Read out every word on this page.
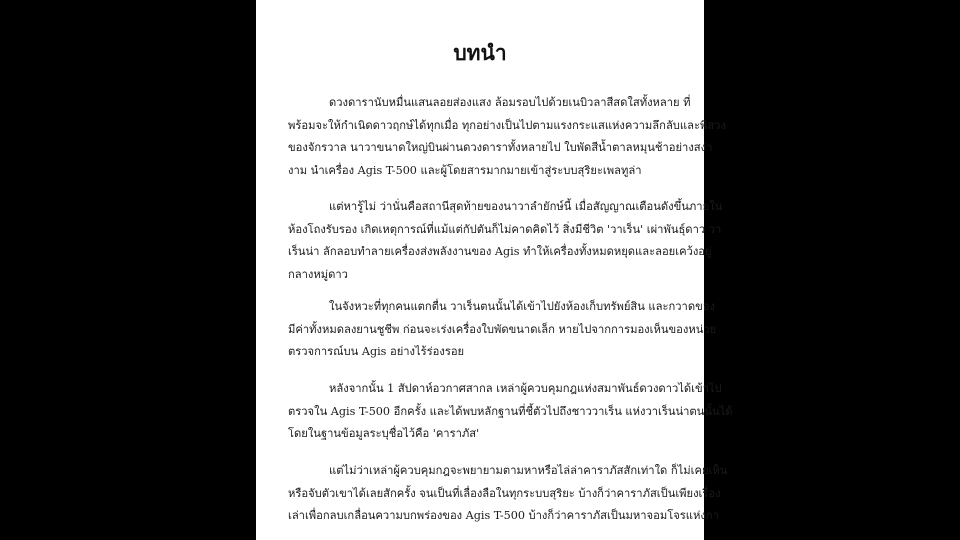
บทนำ

ดวงดารานับหมื่นแสนลอยส่องแสง ล้อมรอบไปด้วยเนบิวลาสีสดใสทั้งหลาย ที่
พร้อมจะให้กำเนิดดาวฤกษ์ได้ทุกเมื่อ ทุกอย่างเป็นไปตามแรงกระแสแห่งความลึกลับและพิสวง
ของจักรวาล นาวาขนาดใหญ่บินผ่านดวงดาราทั้งหลายไป ใบพัดสีน้ำตาลหมุนช้าอย่างสง่า
งาม นำเครื่อง Agis T-500 และผู้โดยสารมากมายเข้าสู่ระบบสุริยะเพลทูล่า

แต่หารู้ไม่ ว่านั่นคือสถานีสุดท้ายของนาวาลำยักษ์นี้ เมื่อสัญญาณเตือนดังขึ้นภายใน
ห้องโถงรับรอง เกิดเหตุการณ์ที่แม้แต่กัปตันก็ไม่คาดคิดไว้ สิ่งมีชีวิต 'วาเร็น' เผ่าพันธุ์ดาว วา
เร็นน่า ลักลอบทำลายเครื่องส่งพลังงานของ Agis ทำให้เครื่องทั้งหมดหยุดและลอยเคว้งอยู่
กลางหมู่ดาว

ในจังหวะที่ทุกคนแตกตื่น วาเร็นตนนั้นได้เข้าไปยังห้องเก็บทรัพย์สิน และกวาดของ
มีค่าทั้งหมดลงยานชูชีพ ก่อนจะเร่งเครื่องใบพัดขนาดเล็ก หายไปจากการมองเห็นของหน่วย
ตรวจการณ์บน Agis อย่างไร้ร่องรอย

หลังจากนั้น 1 สัปดาห์อวกาศสากล เหล่าผู้ควบคุมกฎแห่งสมาพันธ์ดวงดาวได้เข้าไป
ตรวจใน Agis T-500 อีกครั้ง และได้พบหลักฐานที่ชี้ตัวไปถึงชาววาเร็น แห่งวาเร็นน่าตนนั้นได้
โดยในฐานข้อมูลระบุชื่อไว้คือ 'คาราภัส'

แต่ไม่ว่าเหล่าผู้ควบคุมกฎจะพยายามตามหาหรือไล่ล่าคาราภัสสักเท่าใด ก็ไม่เคยเห็น
หรือจับตัวเขาได้เลยสักครั้ง จนเป็นที่เลื่องลือในทุกระบบสุริยะ บ้างก็ว่าคาราภัสเป็นเพียงเรื่อง
เล่าเพื่อกลบเกลื่อนความบกพร่องของ Agis T-500 บ้างก็ว่าคาราภัสเป็นมหาจอมโจรแห่งกา
